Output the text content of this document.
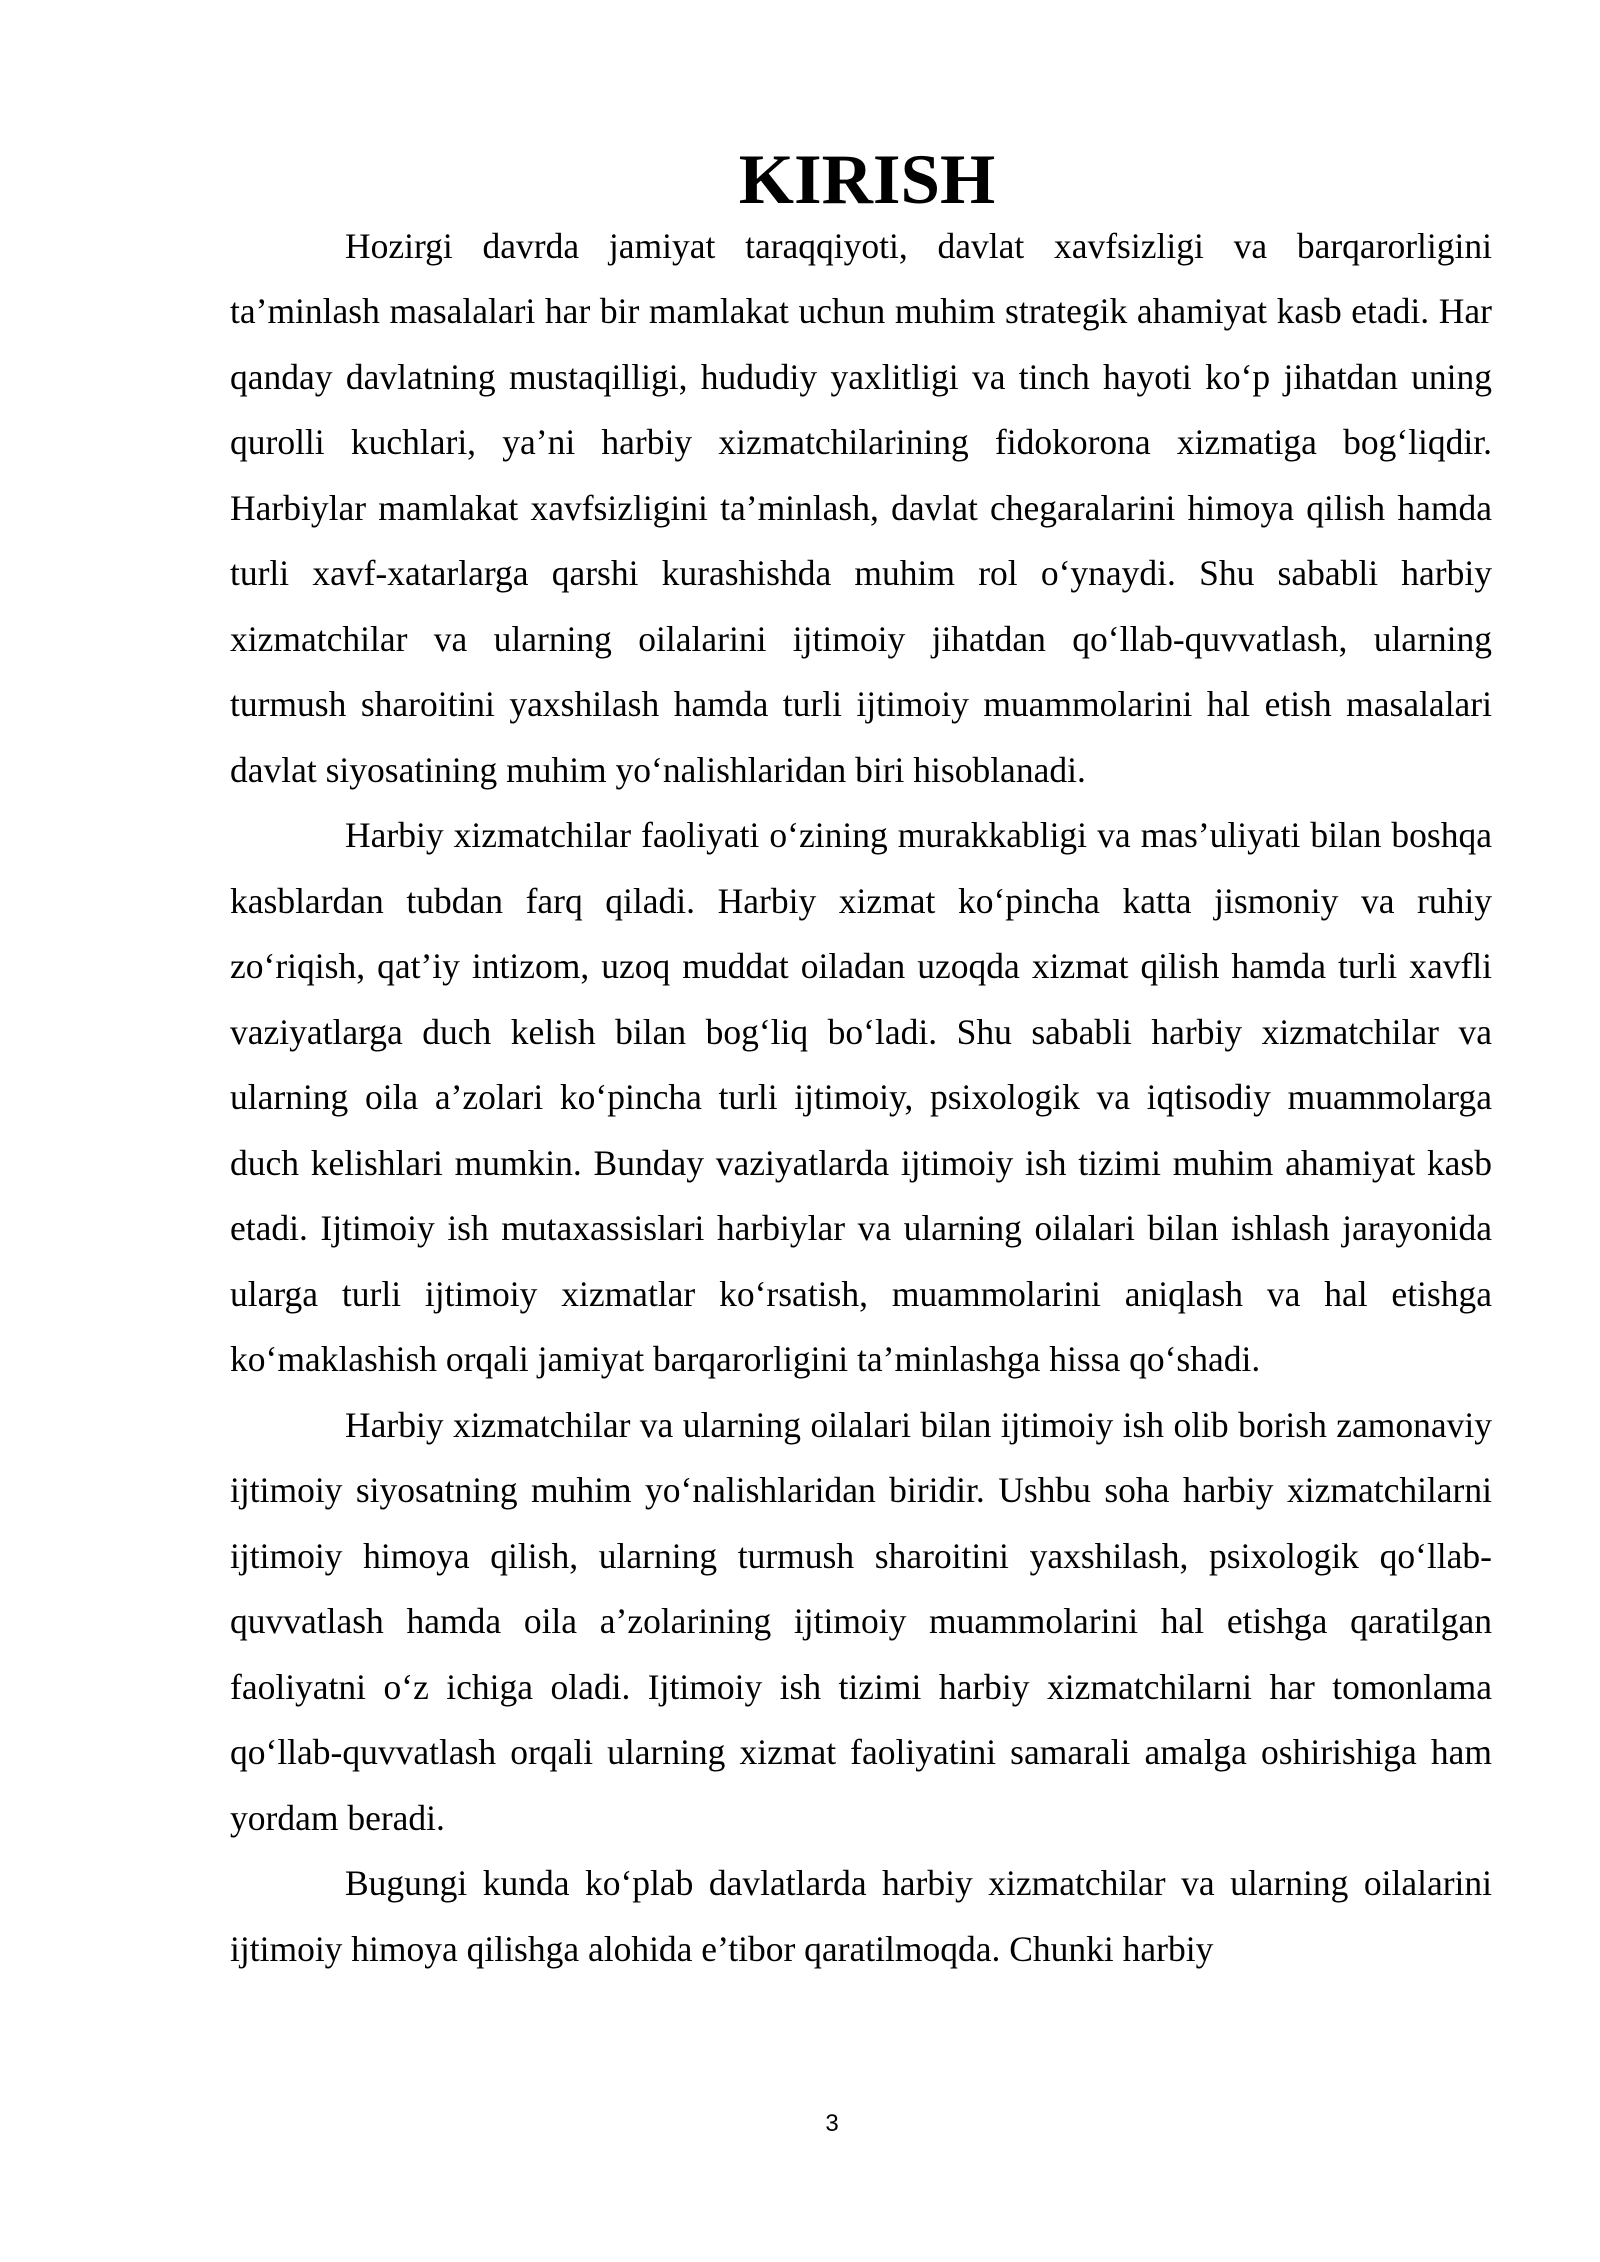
KIRISH

Hozirgi davrda jamiyat taraqqiyoti, davlat xavfsizligi va barqarorligini ta’minlash masalalari har bir mamlakat uchun muhim strategik ahamiyat kasb etadi. Har qanday davlatning mustaqilligi, hududiy yaxlitligi va tinch hayoti ko‘p jihatdan uning qurolli kuchlari, ya’ni harbiy xizmatchilarining fidokorona xizmatiga bog‘liqdir. Harbiylar mamlakat xavfsizligini ta’minlash, davlat chegaralarini himoya qilish hamda turli xavf-xatarlarga qarshi kurashishda muhim rol o‘ynaydi. Shu sababli harbiy xizmatchilar va ularning oilalarini ijtimoiy jihatdan qo‘llab-quvvatlash, ularning turmush sharoitini yaxshilash hamda turli ijtimoiy muammolarini hal etish masalalari davlat siyosatining muhim yo‘nalishlaridan biri hisoblanadi.

Harbiy xizmatchilar faoliyati o‘zining murakkabligi va mas’uliyati bilan boshqa kasblardan tubdan farq qiladi. Harbiy xizmat ko‘pincha katta jismoniy va ruhiy zo‘riqish, qat’iy intizom, uzoq muddat oiladan uzoqda xizmat qilish hamda turli xavfli vaziyatlarga duch kelish bilan bog‘liq bo‘ladi. Shu sababli harbiy xizmatchilar va ularning oila a’zolari ko‘pincha turli ijtimoiy, psixologik va iqtisodiy muammolarga duch kelishlari mumkin. Bunday vaziyatlarda ijtimoiy ish tizimi muhim ahamiyat kasb etadi. Ijtimoiy ish mutaxassislari harbiylar va ularning oilalari bilan ishlash jarayonida ularga turli ijtimoiy xizmatlar ko‘rsatish, muammolarini aniqlash va hal etishga ko‘maklashish orqali jamiyat barqarorligini ta’minlashga hissa qo‘shadi.

Harbiy xizmatchilar va ularning oilalari bilan ijtimoiy ish olib borish zamonaviy ijtimoiy siyosatning muhim yo‘nalishlaridan biridir. Ushbu soha harbiy xizmatchilarni ijtimoiy himoya qilish, ularning turmush sharoitini yaxshilash, psixologik qo‘llab-quvvatlash hamda oila a’zolarining ijtimoiy muammolarini hal etishga qaratilgan faoliyatni o‘z ichiga oladi. Ijtimoiy ish tizimi harbiy xizmatchilarni har tomonlama qo‘llab-quvvatlash orqali ularning xizmat faoliyatini samarali amalga oshirishiga ham yordam beradi.

Bugungi kunda ko‘plab davlatlarda harbiy xizmatchilar va ularning oilalarini ijtimoiy himoya qilishga alohida e’tibor qaratilmoqda. Chunki harbiy

3
